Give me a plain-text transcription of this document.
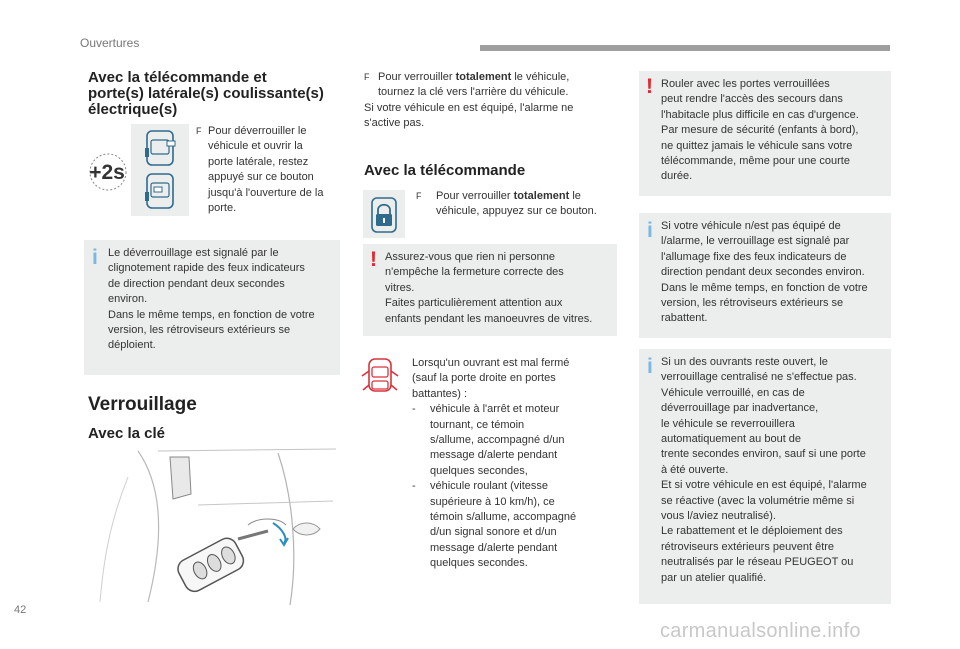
Ouvertures
Avec la télécommande et
porte(s) latérale(s) coulissante(s)
électrique(s)
+2s
F Pour déverrouiller le
véhicule et ouvrir la
porte latérale, restez
appuyé sur ce bouton
jusqu'à l'ouverture de la
porte.
i Le déverrouillage est signalé par le
clignotement rapide des feux indicateurs
de direction pendant deux secondes
environ.
Dans le même temps, en fonction de votre
version, les rétroviseurs extérieurs se
déploient.
Verrouillage
Avec la clé
F Pour verrouiller totalement le véhicule,
tournez la clé vers l'arrière du véhicule.
Si votre véhicule en est équipé, l'alarme ne
s'active pas.
Avec la télécommande
F	Pour verrouiller totalement le
véhicule, appuyez sur ce bouton.
! Assurez-vous que rien ni personne
n'empêche la fermeture correcte des
vitres.
Faites particulièrement attention aux
enfants pendant les manoeuvres de vitres.
Lorsqu'un ouvrant est mal fermé
(sauf la porte droite en portes
battantes) :
-	véhicule à l'arrêt et moteur
tournant, ce témoin
s/allume, accompagné d/un
message d/alerte pendant
quelques secondes,
-	véhicule roulant (vitesse
supérieure à 10 km/h), ce
témoin s/allume, accompagné
d/un signal sonore et d/un
message d/alerte pendant
quelques secondes.
! Rouler avec les portes verrouillées
peut rendre l'accès des secours dans
l'habitacle plus difficile en cas d'urgence.
Par mesure de sécurité (enfants à bord),
ne quittez jamais le véhicule sans votre
télécommande, même pour une courte
durée.
i Si votre véhicule n/est pas équipé de
l/alarme, le verrouillage est signalé par
l'allumage fixe des feux indicateurs de
direction pendant deux secondes environ.
Dans le même temps, en fonction de votre
version, les rétroviseurs extérieurs se
rabattent.
i Si un des ouvrants reste ouvert, le
verrouillage centralisé ne s'effectue pas.
Véhicule verrouillé, en cas de
déverrouillage par inadvertance,
le véhicule se reverrouillera
automatiquement au bout de
trente secondes environ, sauf si une porte
à été ouverte.
Et si votre véhicule en est équipé, l'alarme
se réactive (avec la volumétrie même si
vous l/aviez neutralisé).
Le rabattement et le déploiement des
rétroviseurs extérieurs peuvent être
neutralisés par le réseau PEUGEOT ou
par un atelier qualifié.
42
carmanualsonline.info
